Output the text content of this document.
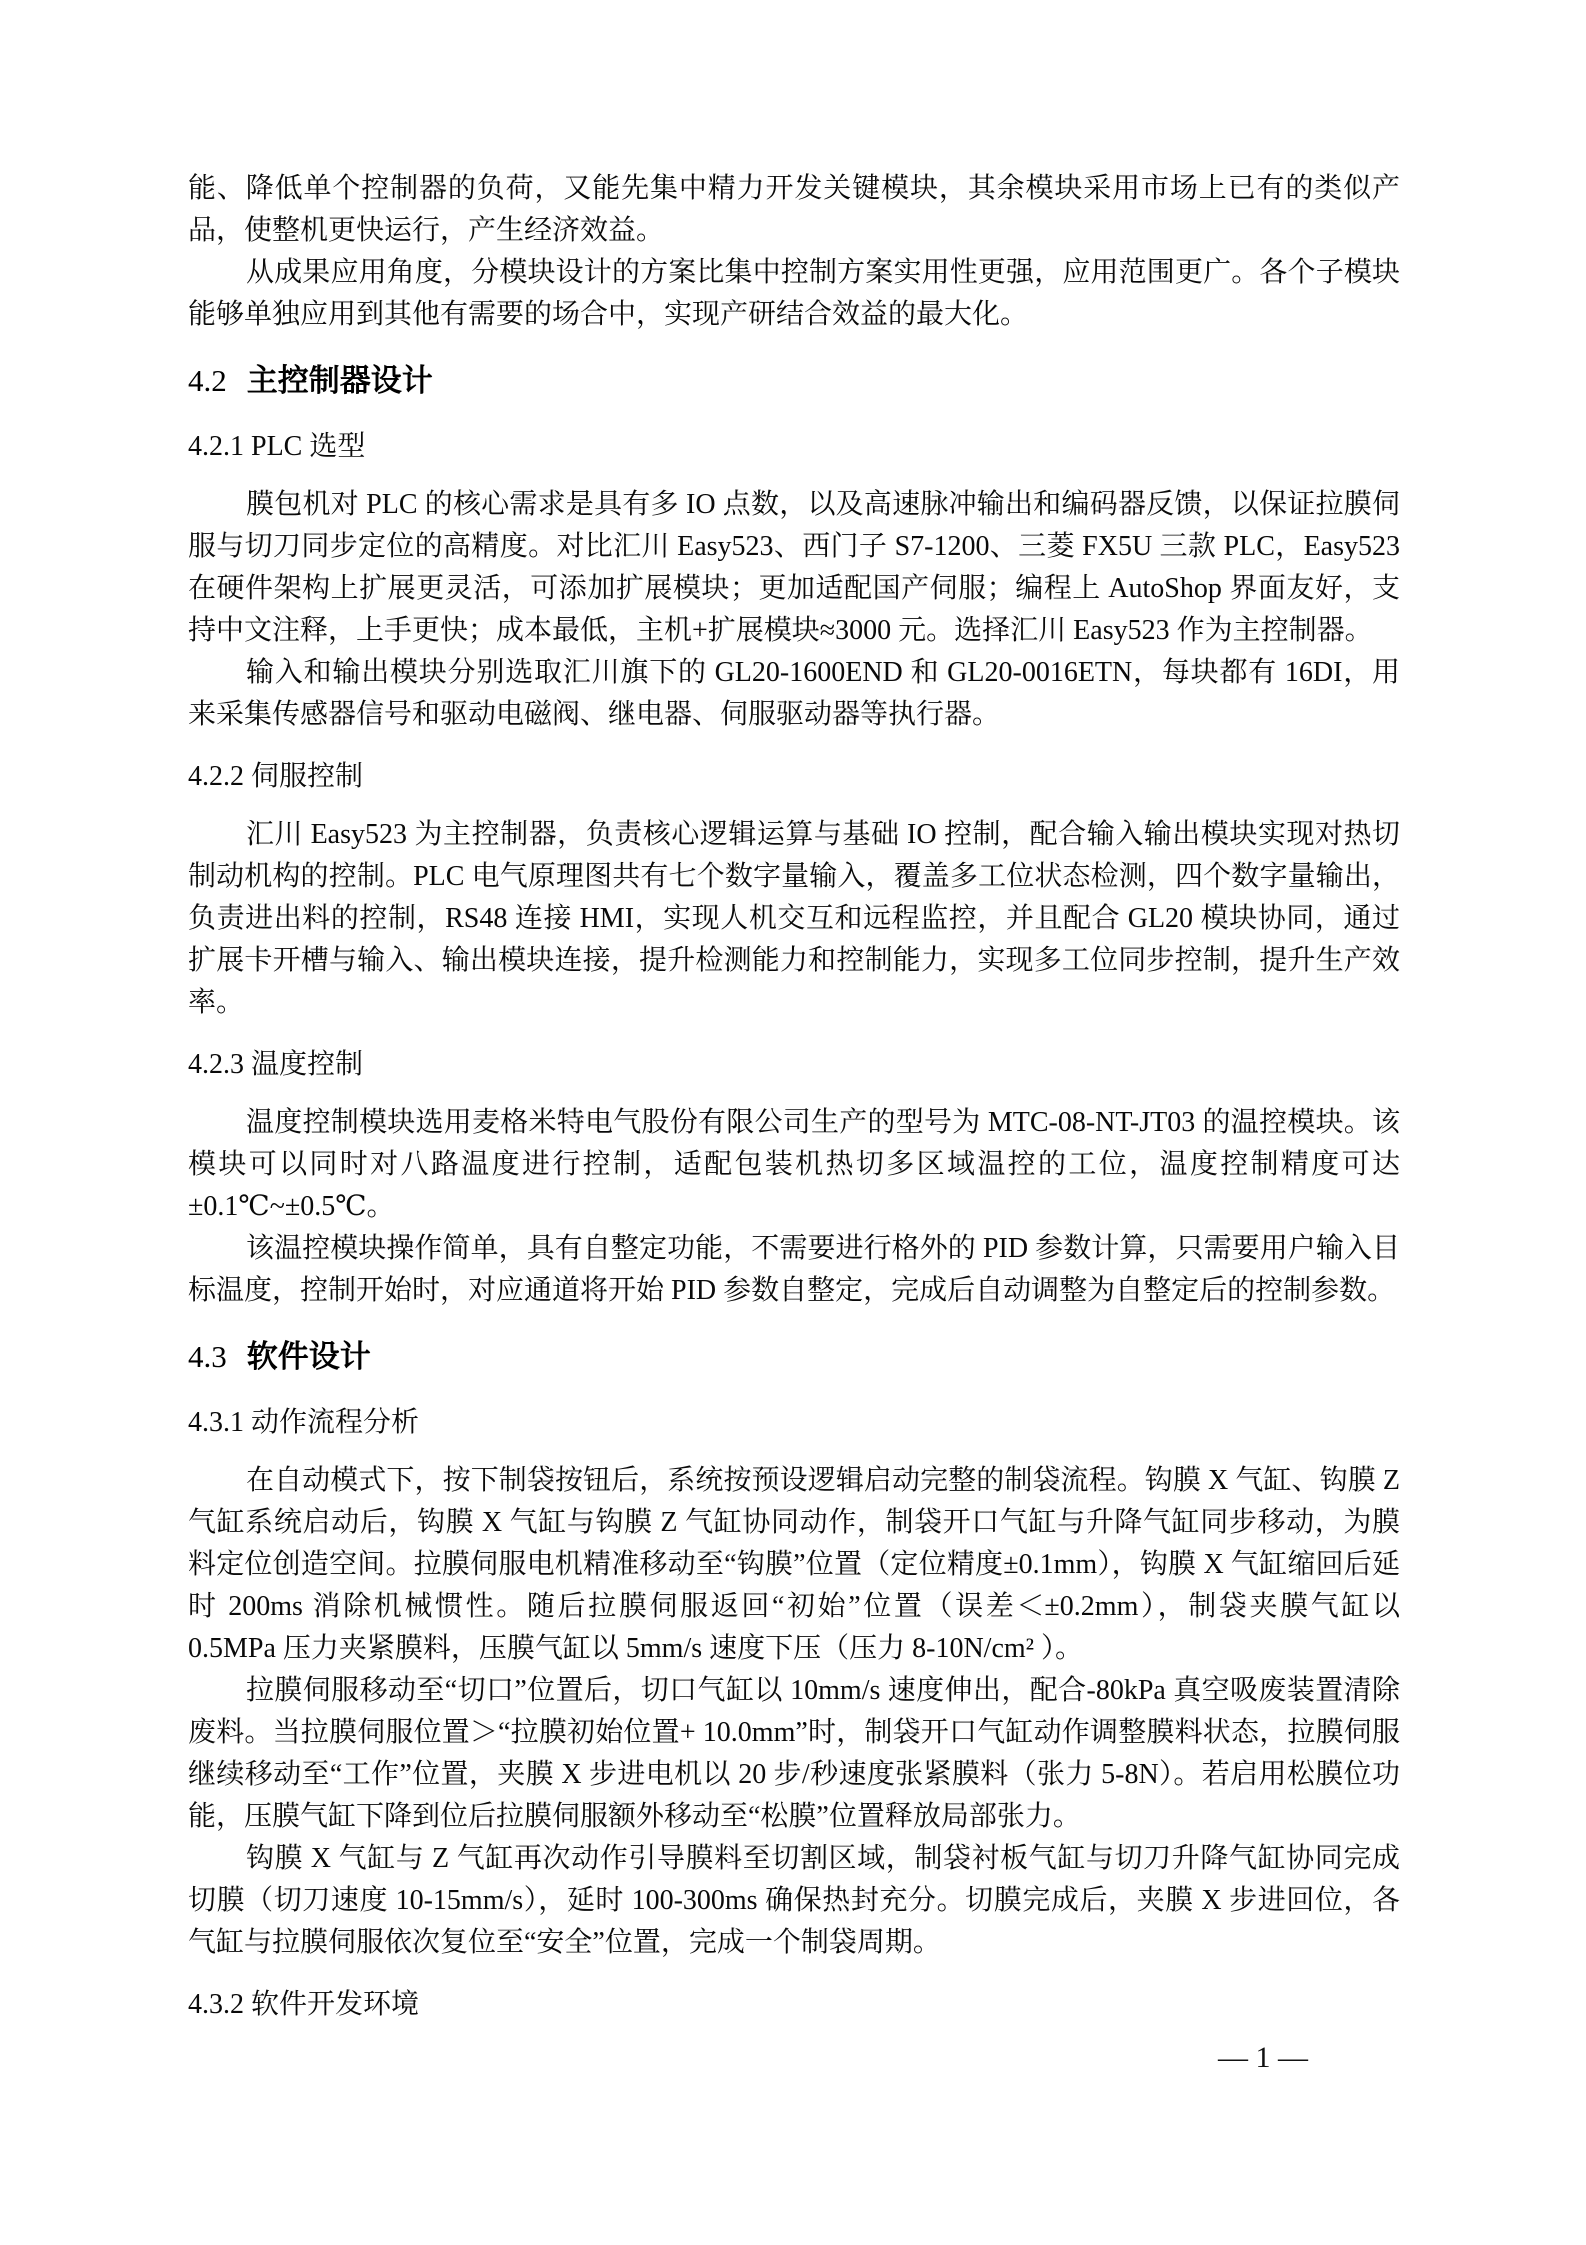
能、降低单个控制器的负荷，又能先集中精力开发关键模块，其余模块采用市场上已有的类似产品，使整机更快运行，产生经济效益。

从成果应用角度，分模块设计的方案比集中控制方案实用性更强，应用范围更广。各个子模块能够单独应用到其他有需要的场合中，实现产研结合效益的最大化。

4.2 主控制器设计
4.2.1 PLC 选型

膜包机对 PLC 的核心需求是具有多 IO 点数，以及高速脉冲输出和编码器反馈，以保证拉膜伺服与切刀同步定位的高精度。对比汇川 Easy523、西门子 S7-1200、三菱 FX5U 三款 PLC，Easy523 在硬件架构上扩展更灵活，可添加扩展模块；更加适配国产伺服；编程上 AutoShop 界面友好，支持中文注释，上手更快；成本最低，主机+扩展模块≈3000 元。选择汇川 Easy523 作为主控制器。

输入和输出模块分别选取汇川旗下的 GL20-1600END 和 GL20-0016ETN，每块都有 16DI，用来采集传感器信号和驱动电磁阀、继电器、伺服驱动器等执行器。

4.2.2 伺服控制

汇川 Easy523 为主控制器，负责核心逻辑运算与基础 IO 控制，配合输入输出模块实现对热切制动机构的控制。PLC 电气原理图共有七个数字量输入，覆盖多工位状态检测，四个数字量输出，负责进出料的控制，RS48 连接 HMI，实现人机交互和远程监控，并且配合 GL20 模块协同，通过扩展卡开槽与输入、输出模块连接，提升检测能力和控制能力，实现多工位同步控制，提升生产效率。

4.2.3 温度控制

温度控制模块选用麦格米特电气股份有限公司生产的型号为 MTC-08-NT-JT03 的温控模块。该模块可以同时对八路温度进行控制，适配包装机热切多区域温控的工位，温度控制精度可达±0.1℃~±0.5℃。

该温控模块操作简单，具有自整定功能，不需要进行格外的 PID 参数计算，只需要用户输入目标温度，控制开始时，对应通道将开始 PID 参数自整定，完成后自动调整为自整定后的控制参数。

4.3 软件设计
4.3.1 动作流程分析

在自动模式下，按下制袋按钮后，系统按预设逻辑启动完整的制袋流程。钩膜 X 气缸、钩膜 Z 气缸系统启动后，钩膜 X 气缸与钩膜 Z 气缸协同动作，制袋开口气缸与升降气缸同步移动，为膜料定位创造空间。拉膜伺服电机精准移动至“钩膜”位置（定位精度±0.1mm），钩膜 X 气缸缩回后延时 200ms 消除机械惯性。随后拉膜伺服返回“初始”位置（误差＜±0.2mm），制袋夹膜气缸以 0.5MPa 压力夹紧膜料，压膜气缸以 5mm/s 速度下压（压力 8-10N/cm² ）。

拉膜伺服移动至“切口”位置后，切口气缸以 10mm/s 速度伸出，配合-80kPa 真空吸废装置清除废料。当拉膜伺服位置＞“拉膜初始位置+ 10.0mm”时，制袋开口气缸动作调整膜料状态，拉膜伺服继续移动至“工作”位置，夹膜 X 步进电机以 20 步/秒速度张紧膜料（张力 5-8N）。若启用松膜位功能，压膜气缸下降到位后拉膜伺服额外移动至“松膜”位置释放局部张力。

钩膜 X 气缸与 Z 气缸再次动作引导膜料至切割区域，制袋衬板气缸与切刀升降气缸协同完成切膜（切刀速度 10-15mm/s），延时 100-300ms 确保热封充分。切膜完成后，夹膜 X 步进回位，各气缸与拉膜伺服依次复位至“安全”位置，完成一个制袋周期。

4.3.2 软件开发环境
— 1 —
